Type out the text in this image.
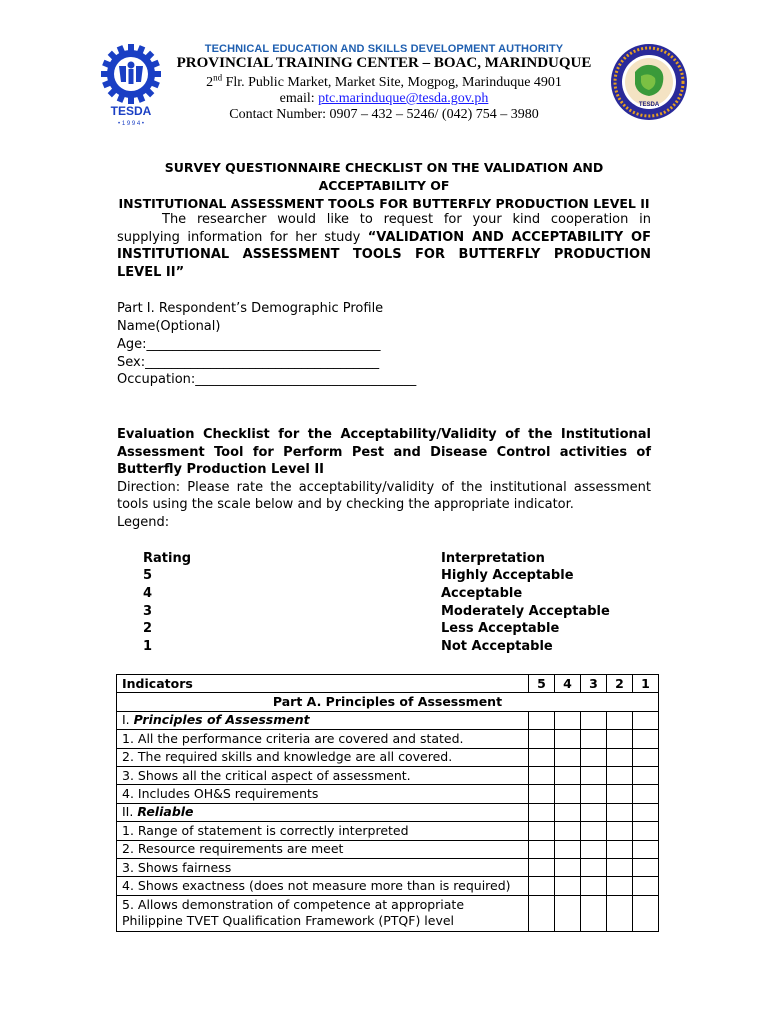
TESDA
• 1 9 9 4 •
TESDA
TECHNICAL EDUCATION AND SKILLS DEVELOPMENT AUTHORITY
PROVINCIAL TRAINING CENTER – BOAC, MARINDUQUE
2nd Flr. Public Market, Market Site, Mogpog, Marinduque 4901
email: ptc.marinduque@tesda.gov.ph
Contact Number: 0907 – 432 – 5246/ (042) 754 – 3980
SURVEY QUESTIONNAIRE CHECKLIST ON THE VALIDATION AND ACCEPTABILITY OF
INSTITUTIONAL ASSESSMENT TOOLS FOR BUTTERFLY PRODUCTION LEVEL II
The researcher would like to request for your kind cooperation in supplying information for her study “VALIDATION AND ACCEPTABILITY OF INSTITUTIONAL ASSESSMENT TOOLS FOR BUTTERFLY PRODUCTION LEVEL II”
Part I. Respondent’s Demographic Profile
Name(Optional)
Age:____________________________________
Sex:____________________________________
Occupation:__________________________________
Evaluation Checklist for the Acceptability/Validity of the Institutional Assessment Tool for Perform Pest and Disease Control activities of Butterfly Production Level II
Direction: Please rate the acceptability/validity of the institutional assessment tools using the scale below and by checking the appropriate indicator.
Legend:
Rating	Interpretation
5	Highly Acceptable
4	Acceptable
3	Moderately Acceptable
2	Less Acceptable
1	Not Acceptable
Indicators	5	4	3	2	1
Part A. Principles of Assessment					
I. Principles of Assessment					
1. All the performance criteria are covered and stated.					
2. The required skills and knowledge are all covered.					
3. Shows all the critical aspect of assessment.					
4. Includes OH&S requirements					
II. Reliable					
1. Range of statement is correctly interpreted					
2. Resource requirements are meet					
3. Shows fairness					
4. Shows exactness (does not measure more than is required)					

5. Allows demonstration of competence at appropriate
Philippine TVET Qualification Framework (PTQF) level					
